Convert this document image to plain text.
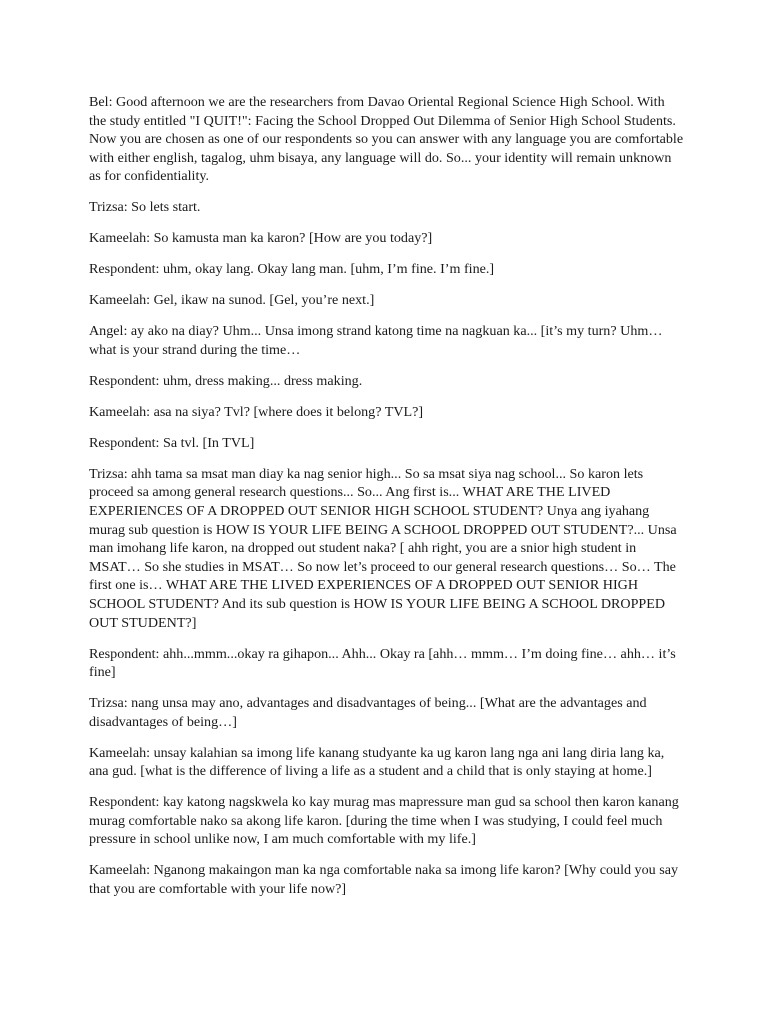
Bel: Good afternoon we are the researchers from Davao Oriental Regional Science High School. With the study entitled "I QUIT!": Facing the School Dropped Out Dilemma of Senior High School Students. Now you are chosen as one of our respondents so you can answer with any language you are comfortable with either english, tagalog, uhm bisaya, any language will do. So... your identity will remain unknown as for confidentiality.

Trizsa: So lets start.

Kameelah: So kamusta man ka karon? [How are you today?]

Respondent: uhm, okay lang. Okay lang man. [uhm, I’m fine. I’m fine.]

Kameelah: Gel, ikaw na sunod. [Gel, you’re next.]

Angel: ay ako na diay? Uhm... Unsa imong strand katong time na nagkuan ka... [it’s my turn? Uhm… what is your strand during the time…

Respondent: uhm, dress making... dress making.

Kameelah: asa na siya? Tvl? [where does it belong? TVL?]

Respondent: Sa tvl. [In TVL]

Trizsa: ahh tama sa msat man diay ka nag senior high... So sa msat siya nag school... So karon lets proceed sa among general research questions... So... Ang first is... WHAT ARE THE LIVED EXPERIENCES OF A DROPPED OUT SENIOR HIGH SCHOOL STUDENT? Unya ang iyahang murag sub question is HOW IS YOUR LIFE BEING A SCHOOL DROPPED OUT STUDENT?... Unsa man imohang life karon, na dropped out student naka? [ ahh right, you are a snior high student in MSAT… So she studies in MSAT… So now let’s proceed to our general research questions… So… The first one is… WHAT ARE THE LIVED EXPERIENCES OF A DROPPED OUT SENIOR HIGH SCHOOL STUDENT? And its sub question is HOW IS YOUR LIFE BEING A SCHOOL DROPPED OUT STUDENT?]

Respondent: ahh...mmm...okay ra gihapon... Ahh... Okay ra [ahh… mmm… I’m doing fine… ahh… it’s fine]

Trizsa: nang unsa may ano, advantages and disadvantages of being... [What are the advantages and disadvantages of being…]

Kameelah: unsay kalahian sa imong life kanang studyante ka ug karon lang nga ani lang diria lang ka, ana gud. [what is the difference of living a life as a student and a child that is only staying at home.]

Respondent: kay katong nagskwela ko kay murag mas mapressure man gud sa school then karon kanang murag comfortable nako sa akong life karon. [during the time when I was studying, I could feel much pressure in school unlike now, I am much comfortable with my life.]

Kameelah: Nganong makaingon man ka nga comfortable naka sa imong life karon? [Why could you say that you are comfortable with your life now?]
